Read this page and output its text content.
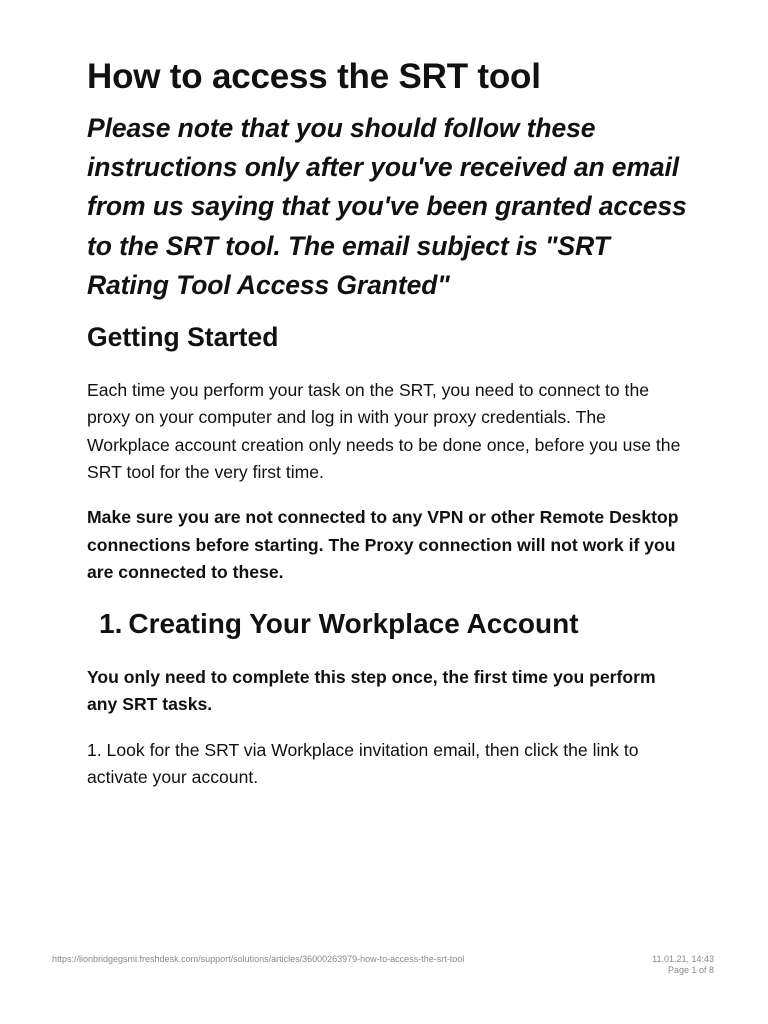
How to access the SRT tool

Please note that you should follow these instructions only after you've received an email from us saying that you've been granted access to the SRT tool. The email subject is "SRT Rating Tool Access Granted"

Getting Started

Each time you perform your task on the SRT, you need to connect to the proxy on your computer and log in with your proxy credentials. The Workplace account creation only needs to be done once, before you use the SRT tool for the very first time.

Make sure you are not connected to any VPN or other Remote Desktop connections before starting. The Proxy connection will not work if you are connected to these.

1. Creating Your Workplace Account

You only need to complete this step once, the first time you perform any SRT tasks.

1. Look for the SRT via Workplace invitation email, then click the link to activate your account.

https://lionbridgegsmi.freshdesk.com/support/solutions/articles/36000263979-how-to-access-the-srt-tool	11.01.21, 14:43
Page 1 of 8
